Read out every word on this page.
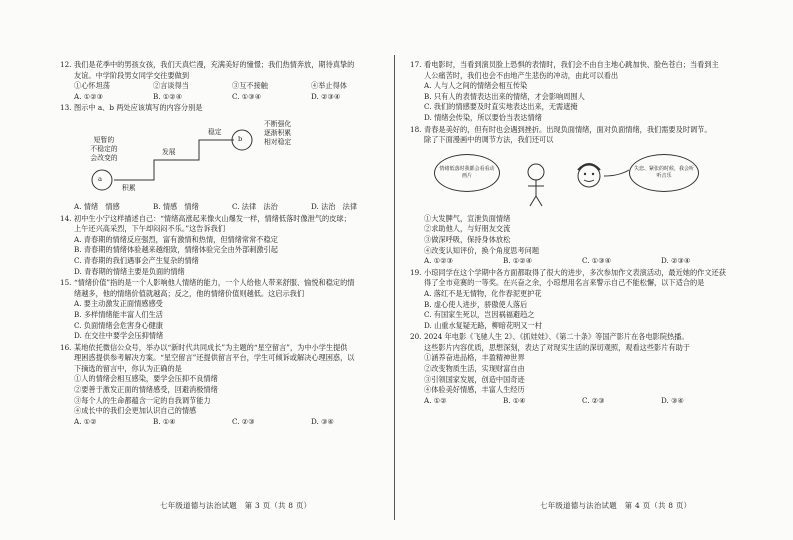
12. 我们是花季中的男孩女孩，我们天真烂漫，充满美好的憧憬；我们热情奔放，期待真挚的
友谊。中学阶段男女同学交往要做到
①心怀坦荡	②言谈得当	③互不接触	④举止得体
A. ①②③	B. ①②④	C. ①③④	D. ②③④
13. 图示中 a、b 两处应该填写的内容分别是
a
b
短暂的
不稳定的
会改变的
积累
发展
稳定
不断强化
逐渐积累
相对稳定
A. 情绪　情感	B. 情感　情绪	C. 法律　法治	D. 法治　法律
14. 初中生小宁这样描述自己：“情绪高涨起来像火山爆发一样，情绪低落时像泄气的皮球；
上午还兴高采烈，下午却闷闷不乐。”这告诉我们
A. 青春期的情绪反应强烈，富有激情和热情，但情绪常常不稳定
B. 青春期的情绪体验越来越细致，情绪体验完全由外部刺激引起
C. 青春期的我们遇事会产生复杂的情绪
D. 青春期的情绪主要是负面的情绪
15. “情绪价值”指的是一个人影响他人情绪的能力，一个人给他人带来舒服、愉悦和稳定的情
绪越多，他的情绪价值就越高；反之，他的情绪价值则越低。这启示我们
A. 要主动激发正面情感感受
B. 多样情绪能丰富人们生活
C. 负面情绪会危害身心健康
D. 在交往中要学会压抑情绪
16. 某地依托微信公众号，举办以“新时代共同成长”为主题的“星空留言”，为中小学生提供
理困惑提供参考解决方案。“星空留言”还提供留言平台，学生可倾诉或解决心理困惑，以
下摘选的留言中，你认为正确的是
①人的情绪会相互感染，要学会压抑不良情绪
②要善于激发正面的情绪感受，回避消极情绪
③每个人的生命都蕴含一定的自我调节能力
④成长中的我们会更加认识自己的情感
A. ①②	B. ①④	C. ②③	D. ③④
七年级道德与法治试题　第 3 页（共 8 页）
17. 看电影时，当看到演员脸上恐惧的表情时，我们会不由自主地心跳加快、脸色苍白；当看到主
人公痛苦时，我们也会不由地产生悲伤的冲动，由此可以看出
A. 人与人之间的情绪会相互传染
B. 只有人的表情表达出来的情绪，才会影响周围人
C. 我们的情感要及时直实地表达出来，无需遮掩
D. 情绪会传染，所以要恰当表达情绪
18. 青春是美好的，但有时也会遇到挫折。出现负面情绪，面对负面情绪，我们需要及时调节。
除了下面漫画中的调节方法，我们还可以
情绪低落时我都会看看动画片
失恋、紧张的时候，我会听听音乐
①大发脾气，宣泄负面情绪
②求助他人，与好朋友交流
③做深呼吸，保持身体放松
④改变认知评价，换个角度思考问题
A. ①②③	B. ①②④	C. ①③④	D. ②③④
19. 小琼同学在这个学期中各方面都取得了很大的进步，多次参加作文表演活动，最近她的作文还获
得了全市竞赛的一等奖。在兴奋之余，小琼想用名言来警示自己不能松懈，以下适合的是
A. 落红不是无情物，化作春泥更护花
B. 虚心使人进步，骄傲使人落后
C. 有国家生死以，岂因祸福避趋之
D. 山重水复疑无路，柳暗花明又一村
20. 2024 年电影《飞驰人生 2》、《抓娃娃》、《第二十条》等国产影片在各电影院热播。
这些影片内容优质，思想深刻，表达了对现实生活的深切观照，观看这些影片有助于
①涵养奋进品格，丰盈精神世界
②改变物质生活，实现财富自由
③引领国家发展，创造中国奇迹
④体验美好情感，丰富人生经历
A. ①②	B. ①④	C. ②③	D. ③④
七年级道德与法治试题　第 4 页（共 8 页）
